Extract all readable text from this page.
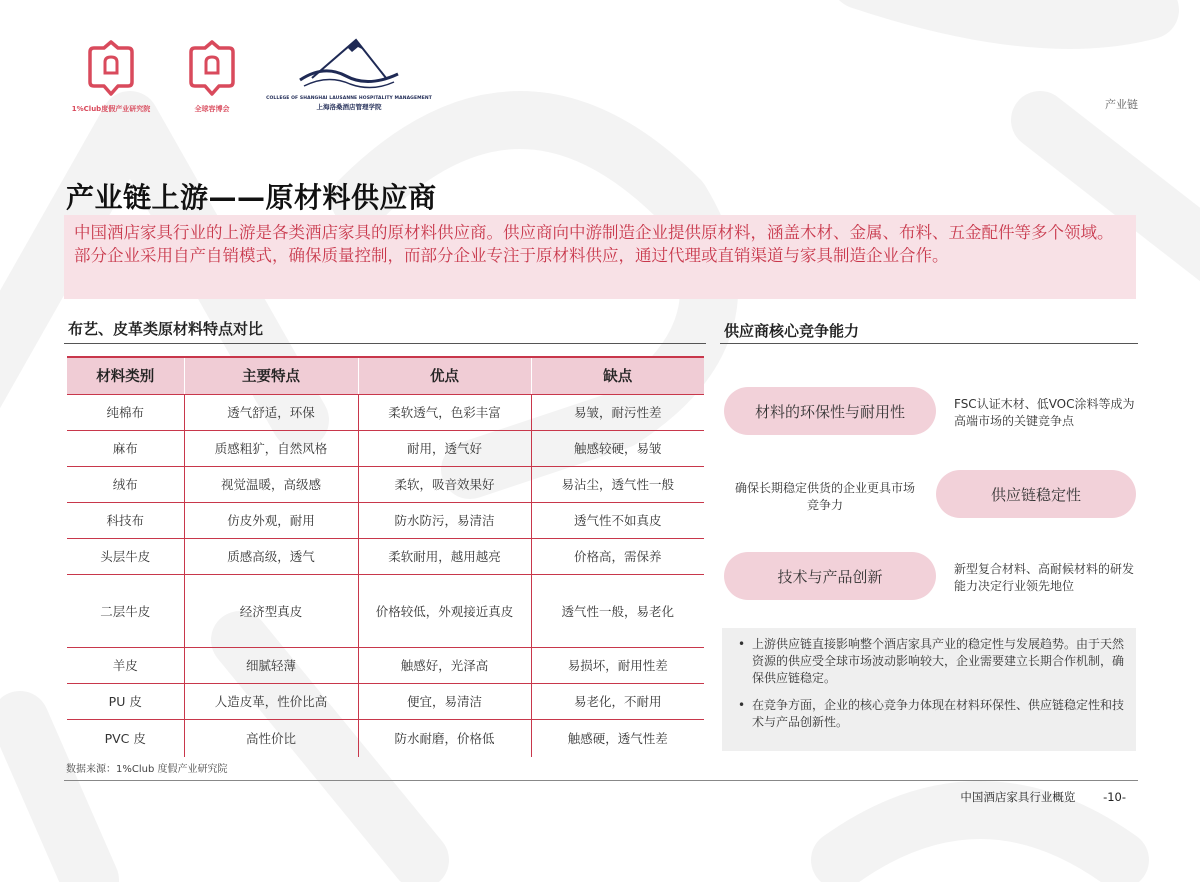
1%Club度假产业研究院	全球容博会
COLLEGE OF SHANGHAI LAUSANNE HOSPITALITY MANAGEMENT
上海洛桑酒店管理学院	产业链
产业链上游——原材料供应商

中国酒店家具行业的上游是各类酒店家具的原材料供应商。供应商向中游制造企业提供原材料，涵盖木材、金属、布料、五金配件等多个领域。部分企业采用自产自销模式，确保质量控制，而部分企业专注于原材料供应，通过代理或直销渠道与家具制造企业合作。

布艺、皮革类原材料特点对比
材料类别	主要特点	优点	缺点
纯棉布	透气舒适，环保	柔软透气，色彩丰富	易皱，耐污性差
麻布	质感粗犷，自然风格	耐用，透气好	触感较硬，易皱
绒布	视觉温暖，高级感	柔软，吸音效果好	易沾尘，透气性一般
科技布	仿皮外观，耐用	防水防污，易清洁	透气性不如真皮
头层牛皮	质感高级，透气	柔软耐用，越用越亮	价格高，需保养
二层牛皮	经济型真皮	价格较低，外观接近真皮	透气性一般，易老化
羊皮	细腻轻薄	触感好，光泽高	易损坏，耐用性差
PU 皮	人造皮革，性价比高	便宜，易清洁	易老化，不耐用
PVC 皮	高性价比	防水耐磨，价格低	触感硬，透气性差
数据来源：1%Club 度假产业研究院
供应商核心竞争能力
材料的环保性与耐用性	FSC认证木材、低VOC涂料等成为高端市场的关键竞争点
确保长期稳定供货的企业更具市场竞争力
供应链稳定性
技术与产品创新	新型复合材料、高耐候材料的研发能力决定行业领先地位
• 上游供应链直接影响整个酒店家具产业的稳定性与发展趋势。由于天然资源的供应受全球市场波动影响较大，企业需要建立长期合作机制，确保供应链稳定。
• 在竞争方面，企业的核心竞争力体现在材料环保性、供应链稳定性和技术与产品创新性。
中国酒店家具行业概览 -10-
